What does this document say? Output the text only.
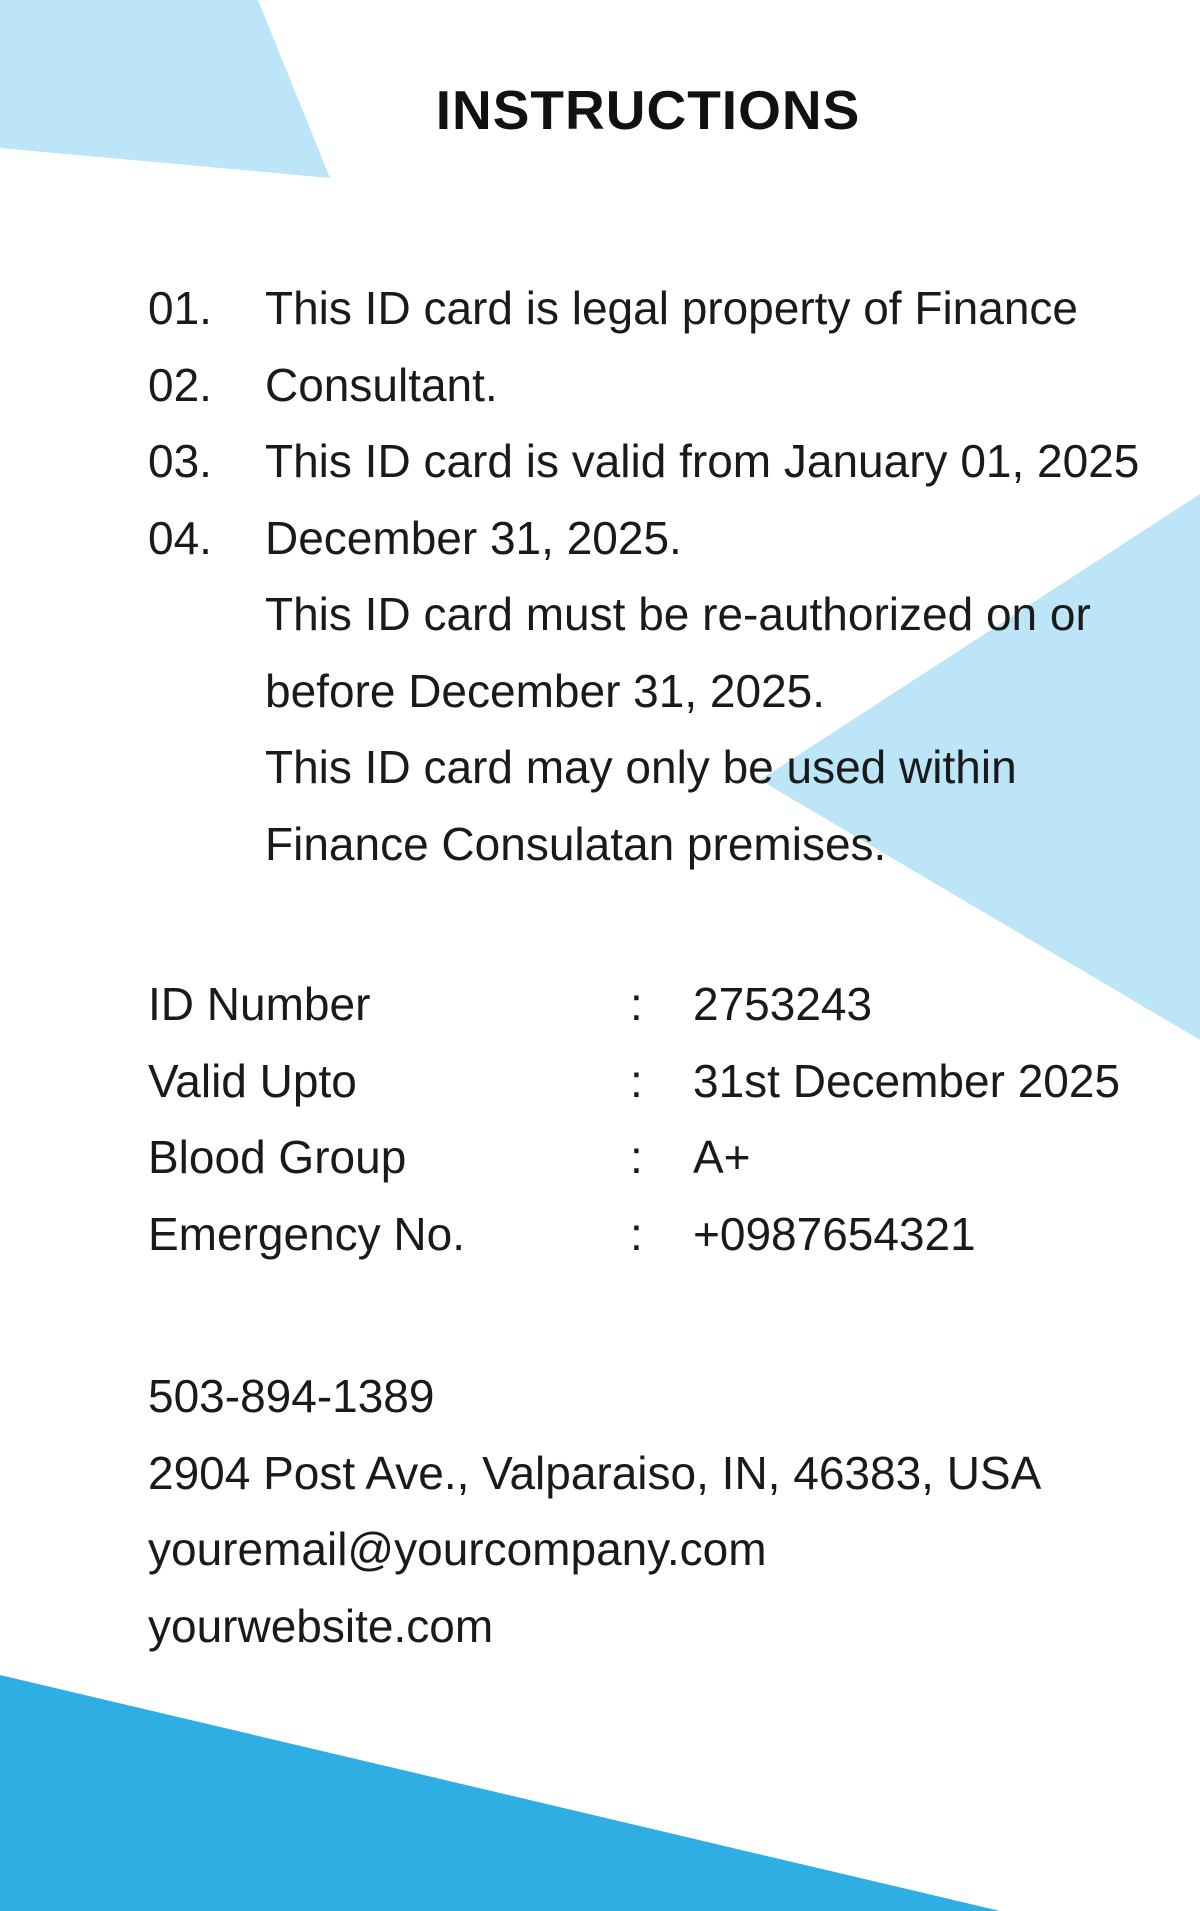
INSTRUCTIONS
01.
02.
03.
04.
This ID card is legal property of Finance
Consultant.
This ID card is valid from January 01, 2025
December 31, 2025.
This ID card must be re-authorized on or
before December 31, 2025.
This ID card may only be used within
Finance Consulatan premises.
ID Number	: 2753243
Valid Upto	: 31st December 2025
Blood Group	: A+
Emergency No.	: +0987654321
503-894-1389
2904 Post Ave., Valparaiso, IN, 46383, USA
youremail@yourcompany.com
yourwebsite.com
